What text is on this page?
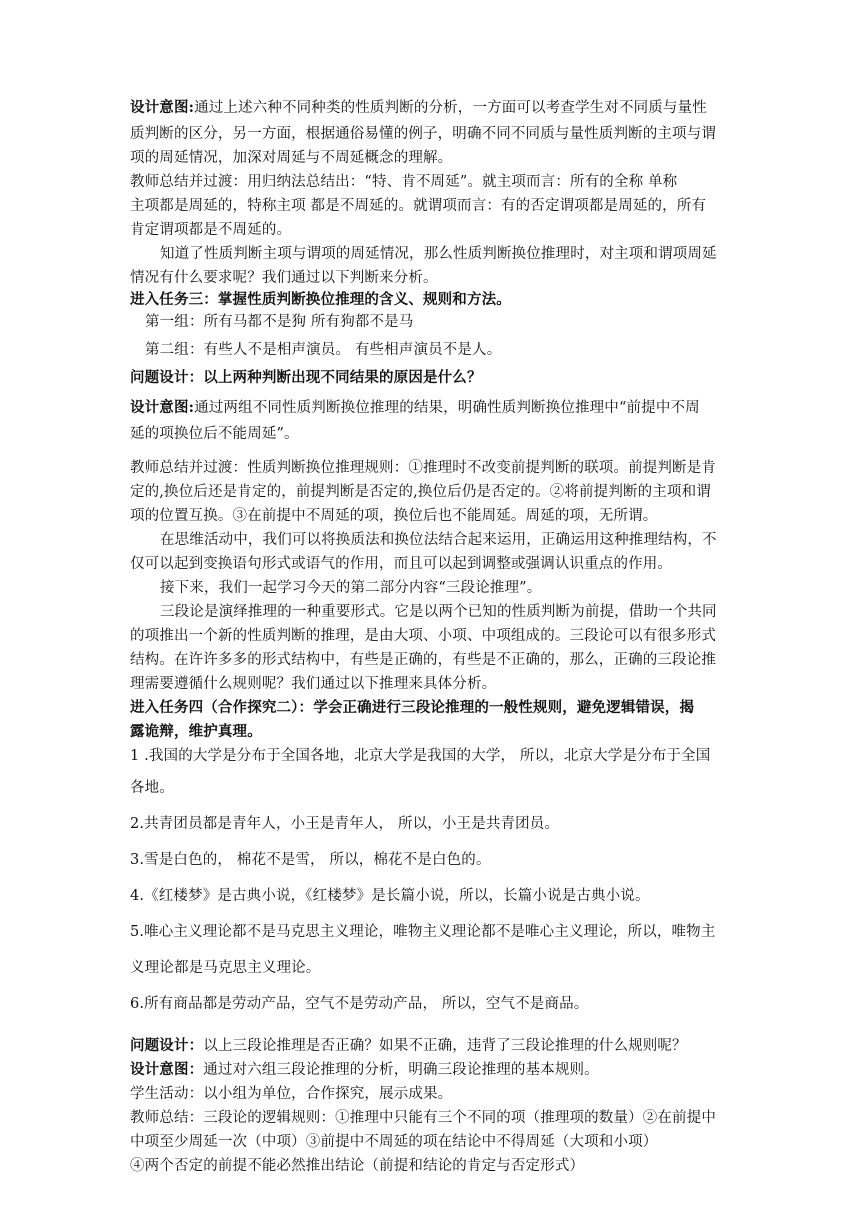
设计意图:通过上述六种不同种类的性质判断的分析，一方面可以考查学生对不同质与量性
质判断的区分，另一方面，根据通俗易懂的例子，明确不同不同质与量性质判断的主项与谓
项的周延情况，加深对周延与不周延概念的理解。
教师总结并过渡：用归纳法总结出：“特、肯不周延”。就主项而言：所有的全称 单称
主项都是周延的，特称主项 都是不周延的。就谓项而言：有的否定谓项都是周延的，所有
肯定谓项都是不周延的。
知道了性质判断主项与谓项的周延情况，那么性质判断换位推理时，对主项和谓项周延
情况有什么要求呢？我们通过以下判断来分析。
进入任务三：掌握性质判断换位推理的含义、规则和方法。
第一组：所有马都不是狗 所有狗都不是马
第二组：有些人不是相声演员。 有些相声演员不是人。
问题设计：以上两种判断出现不同结果的原因是什么？
设计意图:通过两组不同性质判断换位推理的结果，明确性质判断换位推理中“前提中不周
延的项换位后不能周延”。
教师总结并过渡：性质判断换位推理规则：①推理时不改变前提判断的联项。前提判断是肯
定的,换位后还是肯定的，前提判断是否定的,换位后仍是否定的。②将前提判断的主项和谓
项的位置互换。③在前提中不周延的项，换位后也不能周延。周延的项，无所谓。
在思维活动中，我们可以将换质法和换位法结合起来运用，正确运用这种推理结构，不
仅可以起到变换语句形式或语气的作用，而且可以起到调整或强调认识重点的作用。
接下来，我们一起学习今天的第二部分内容“三段论推理”。
三段论是演绎推理的一种重要形式。它是以两个已知的性质判断为前提，借助一个共同
的项推出一个新的性质判断的推理，是由大项、小项、中项组成的。三段论可以有很多形式
结构。在许许多多的形式结构中，有些是正确的，有些是不正确的，那么，正确的三段论推
理需要遵循什么规则呢？我们通过以下推理来具体分析。
进入任务四（合作探究二）：学会正确进行三段论推理的一般性规则，避免逻辑错误，揭
露诡辩，维护真理。
1 .我国的大学是分布于全国各地，北京大学是我国的大学， 所以，北京大学是分布于全国
各地。
2.共青团员都是青年人，小王是青年人， 所以，小王是共青团员。
3.雪是白色的， 棉花不是雪， 所以，棉花不是白色的。
4.《红楼梦》是古典小说，《红楼梦》是长篇小说，所以，长篇小说是古典小说。
5.唯心主义理论都不是马克思主义理论，唯物主义理论都不是唯心主义理论，所以，唯物主
义理论都是马克思主义理论。
6.所有商品都是劳动产品，空气不是劳动产品， 所以，空气不是商品。
问题设计：以上三段论推理是否正确？如果不正确，违背了三段论推理的什么规则呢？
设计意图：通过对六组三段论推理的分析，明确三段论推理的基本规则。
学生活动：以小组为单位，合作探究，展示成果。
教师总结：三段论的逻辑规则：①推理中只能有三个不同的项（推理项的数量）②在前提中
中项至少周延一次（中项）③前提中不周延的项在结论中不得周延（大项和小项）
④两个否定的前提不能必然推出结论（前提和结论的肯定与否定形式）
